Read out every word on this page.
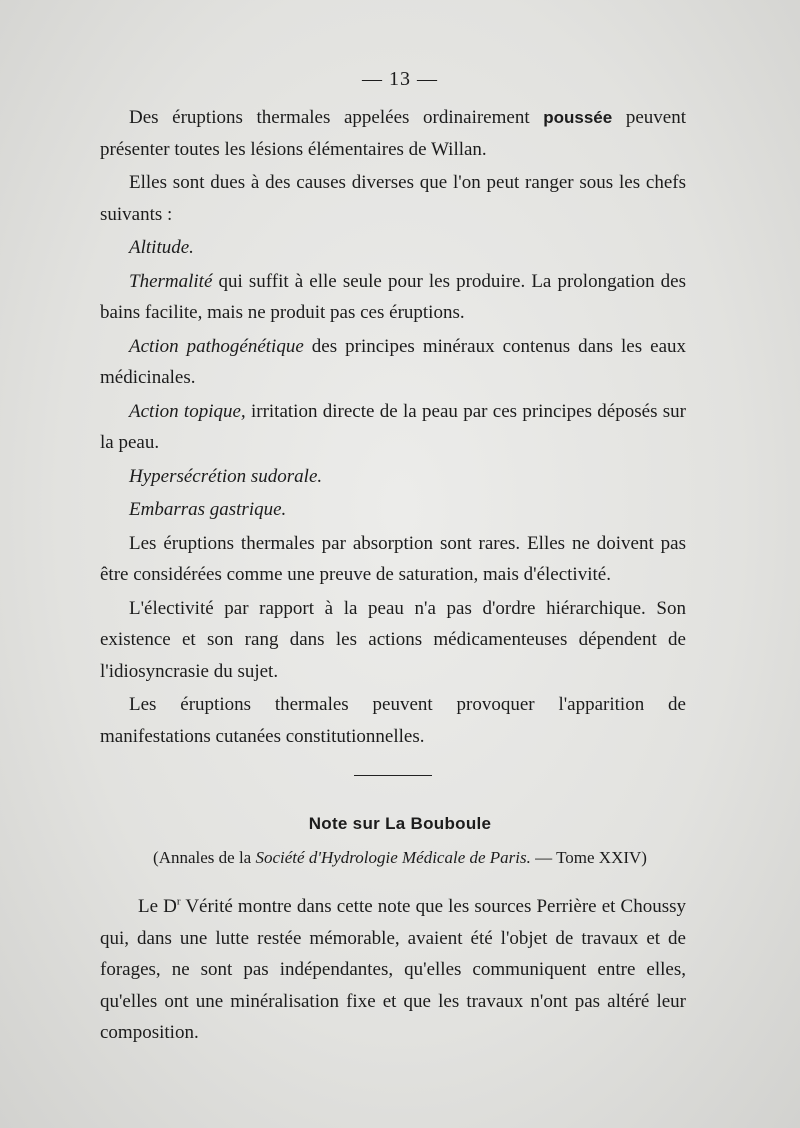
— 13 —

Des éruptions thermales appelées ordinairement poussée peuvent présenter toutes les lésions élémentaires de Willan.

Elles sont dues à des causes diverses que l'on peut ranger sous les chefs suivants :

Altitude.

Thermalité qui suffit à elle seule pour les produire. La prolongation des bains facilite, mais ne produit pas ces éruptions.

Action pathogénétique des principes minéraux contenus dans les eaux médicinales.

Action topique, irritation directe de la peau par ces principes déposés sur la peau.

Hypersécrétion sudorale.

Embarras gastrique.

Les éruptions thermales par absorption sont rares. Elles ne doivent pas être considérées comme une preuve de saturation, mais d'électivité.

L'électivité par rapport à la peau n'a pas d'ordre hiérarchique. Son existence et son rang dans les actions médicamenteuses dépendent de l'idiosyncrasie du sujet.

Les éruptions thermales peuvent provoquer l'apparition de manifestations cutanées constitutionnelles.

Note sur La Bouboule
(Annales de la Société d'Hydrologie Médicale de Paris. — Tome XXIV)
Le $D^r$ Vérité montre dans cette note que les sources Perrière et Choussy qui, dans une lutte restée mémorable, avaient été l'objet de travaux et de forages, ne sont pas indépendantes, qu'elles communiquent entre elles, qu'elles ont une minéralisation fixe et que les travaux n'ont pas altéré leur composition.
